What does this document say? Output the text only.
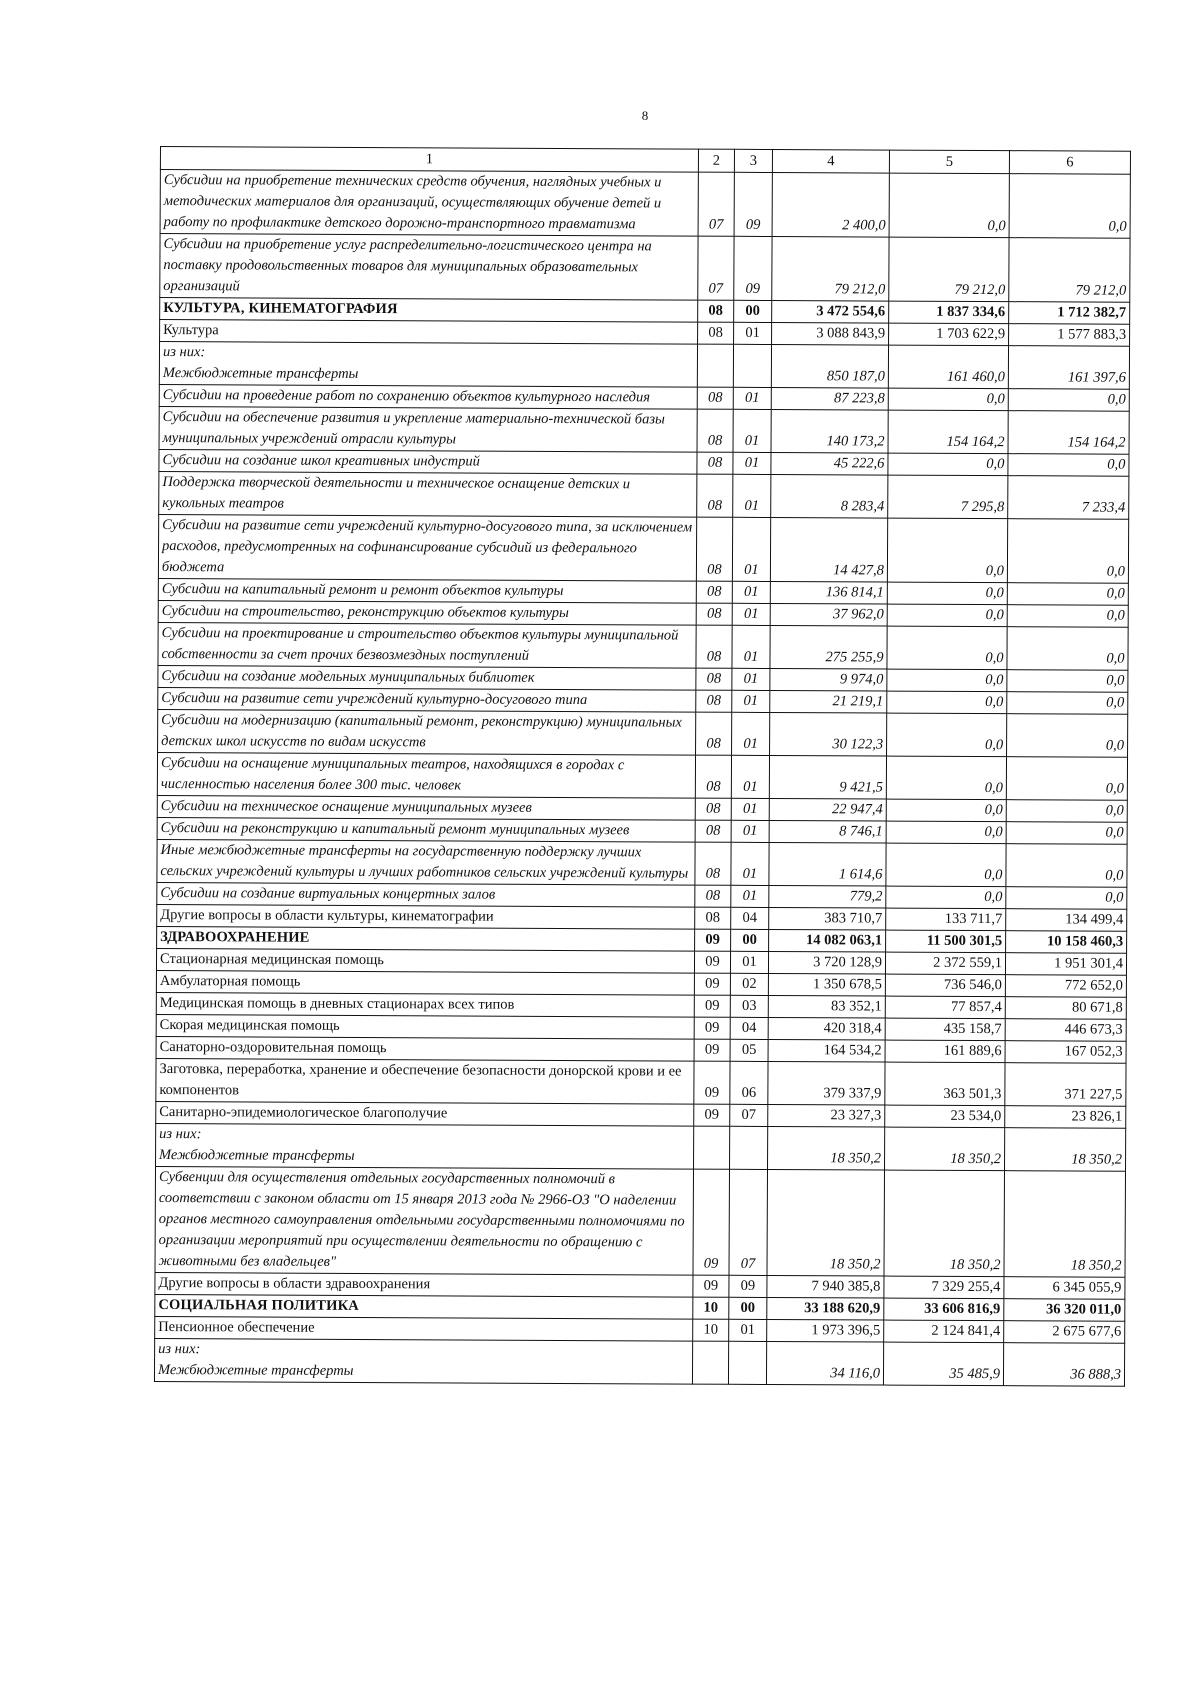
8
1	2	3	4	5	6
Субсидии на приобретение технических средств обучения, наглядных учебных и методических материалов для организаций, осуществляющих обучение детей и работу по профилактике детского дорожно-транспортного травматизма	07	09	2 400,0	0,0	0,0
Субсидии на приобретение услуг распределительно-логистического центра на поставку продовольственных товаров для муниципальных образовательных организаций	07	09	79 212,0	79 212,0	79 212,0
КУЛЬТУРА, КИНЕМАТОГРАФИЯ	08	00	3 472 554,6	1 837 334,6	1 712 382,7
Культура	08	01	3 088 843,9	1 703 622,9	1 577 883,3

из них:
Межбюджетные трансферты			850 187,0	161 460,0	161 397,6
Субсидии на проведение работ по сохранению объектов культурного наследия	08	01	87 223,8	0,0	0,0
Субсидии на обеспечение развития и укрепление материально-технической базы муниципальных учреждений отрасли культуры	08	01	140 173,2	154 164,2	154 164,2
Субсидии на создание школ креативных индустрий	08	01	45 222,6	0,0	0,0
Поддержка творческой деятельности и техническое оснащение детских и кукольных театров	08	01	8 283,4	7 295,8	7 233,4
Субсидии на развитие сети учреждений культурно-досугового типа, за исключением расходов, предусмотренных на софинансирование субсидий из федерального бюджета	08	01	14 427,8	0,0	0,0
Субсидии на капитальный ремонт и ремонт объектов культуры	08	01	136 814,1	0,0	0,0
Субсидии на строительство, реконструкцию объектов культуры	08	01	37 962,0	0,0	0,0
Субсидии на проектирование и строительство объектов культуры муниципальной собственности за счет прочих безвозмездных поступлений	08	01	275 255,9	0,0	0,0
Субсидии на создание модельных муниципальных библиотек	08	01	9 974,0	0,0	0,0
Субсидии на развитие сети учреждений культурно-досугового типа	08	01	21 219,1	0,0	0,0
Субсидии на модернизацию (капитальный ремонт, реконструкцию) муниципальных детских школ искусств по видам искусств	08	01	30 122,3	0,0	0,0
Субсидии на оснащение муниципальных театров, находящихся в городах с численностью населения более 300 тыс. человек	08	01	9 421,5	0,0	0,0
Субсидии на техническое оснащение муниципальных музеев	08	01	22 947,4	0,0	0,0
Субсидии на реконструкцию и капитальный ремонт муниципальных музеев	08	01	8 746,1	0,0	0,0
Иные межбюджетные трансферты на государственную поддержку лучших сельских учреждений культуры и лучших работников сельских учреждений культуры	08	01	1 614,6	0,0	0,0
Субсидии на создание виртуальных концертных залов	08	01	779,2	0,0	0,0
Другие вопросы в области культуры, кинематографии	08	04	383 710,7	133 711,7	134 499,4
ЗДРАВООХРАНЕНИЕ	09	00	14 082 063,1	11 500 301,5	10 158 460,3
Стационарная медицинская помощь	09	01	3 720 128,9	2 372 559,1	1 951 301,4
Амбулаторная помощь	09	02	1 350 678,5	736 546,0	772 652,0
Медицинская помощь в дневных стационарах всех типов	09	03	83 352,1	77 857,4	80 671,8
Скорая медицинская помощь	09	04	420 318,4	435 158,7	446 673,3
Санаторно-оздоровительная помощь	09	05	164 534,2	161 889,6	167 052,3
Заготовка, переработка, хранение и обеспечение безопасности донорской крови и ее компонентов	09	06	379 337,9	363 501,3	371 227,5
Санитарно-эпидемиологическое благополучие	09	07	23 327,3	23 534,0	23 826,1

из них:
Межбюджетные трансферты			18 350,2	18 350,2	18 350,2
Субвенции для осуществления отдельных государственных полномочий в соответствии с законом области от 15 января 2013 года № 2966-ОЗ "О наделении органов местного самоуправления отдельными государственными полномочиями по организации мероприятий при осуществлении деятельности по обращению с животными без владельцев"	09	07	18 350,2	18 350,2	18 350,2
Другие вопросы в области здравоохранения	09	09	7 940 385,8	7 329 255,4	6 345 055,9
СОЦИАЛЬНАЯ ПОЛИТИКА	10	00	33 188 620,9	33 606 816,9	36 320 011,0
Пенсионное обеспечение	10	01	1 973 396,5	2 124 841,4	2 675 677,6

из них:
Межбюджетные трансферты			34 116,0	35 485,9	36 888,3
